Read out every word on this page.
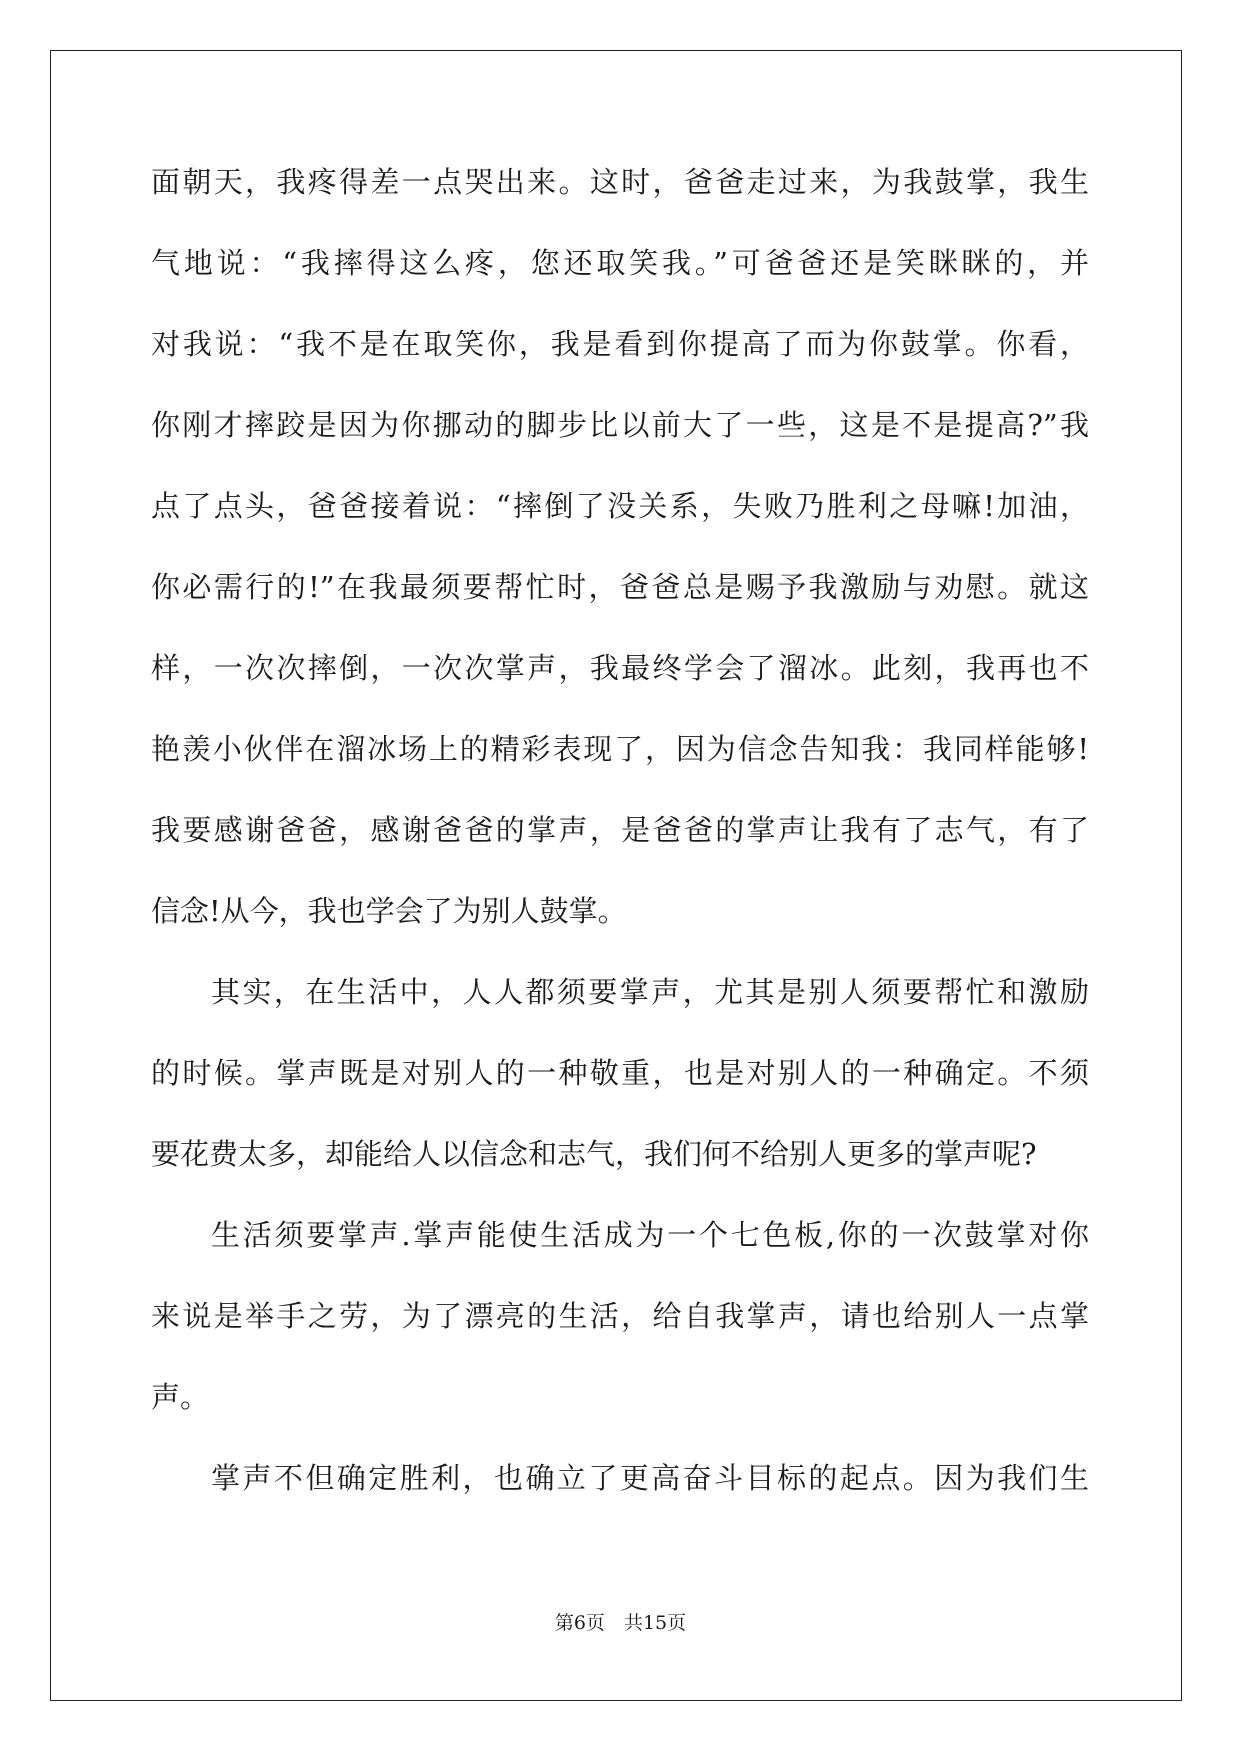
面朝天，我疼得差一点哭出来。这时，爸爸走过来，为我鼓掌，我生
气地说：“我摔得这么疼，您还取笑我。”可爸爸还是笑眯眯的，并
对我说：“我不是在取笑你，我是看到你提高了而为你鼓掌。你看，
你刚才摔跤是因为你挪动的脚步比以前大了一些，这是不是提高?”我
点了点头，爸爸接着说：“摔倒了没关系，失败乃胜利之母嘛!加油，
你必需行的!”在我最须要帮忙时，爸爸总是赐予我激励与劝慰。就这
样，一次次摔倒，一次次掌声，我最终学会了溜冰。此刻，我再也不
艳羡小伙伴在溜冰场上的精彩表现了，因为信念告知我：我同样能够!
我要感谢爸爸，感谢爸爸的掌声，是爸爸的掌声让我有了志气，有了
信念!从今，我也学会了为别人鼓掌。
其实，在生活中，人人都须要掌声，尤其是别人须要帮忙和激励
的时候。掌声既是对别人的一种敬重，也是对别人的一种确定。不须
要花费太多，却能给人以信念和志气，我们何不给别人更多的掌声呢?
生活须要掌声.掌声能使生活成为一个七色板,你的一次鼓掌对你
来说是举手之劳，为了漂亮的生活，给自我掌声，请也给别人一点掌
声。
掌声不但确定胜利，也确立了更高奋斗目标的起点。因为我们生
第6页　共15页
